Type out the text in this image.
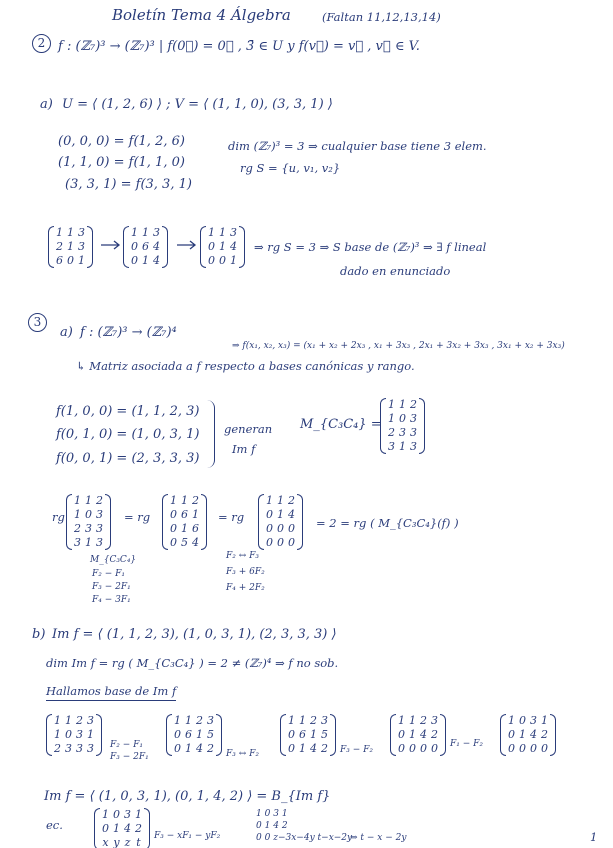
Boletín Tema 4 Álgebra	(Faltan 11,12,13,14)
2 f : (ℤ₇)³ → (ℤ₇)³ | f(0⃗) = 0⃗ , 3̄ ∈ U y f(v⃗) = v⃗ , v⃗ ∈ V.
a) U = ⟨ (1, 2, 6) ⟩ ; V = ⟨ (1, 1, 0), (3, 3, 1) ⟩
(0, 0, 0) = f(1, 2, 6)
(1, 1, 0) = f(1, 1, 0)
(3, 3, 1) = f(3, 3, 1)
dim (ℤ₇)³ = 3 ⇒ cualquier base tiene 3 elem.
rg S = {u, v₁, v₂}
1 1 3
2 1 3
6 0 1
1 1 3
0 6 4
0 1 4
1 1 3
0 1 4
0 0 1
⇒ rg S = 3 ⇒ S base de (ℤ₇)³ ⇒ ∃ f lineal
dado en enunciado
3
a) f : (ℤ₇)³ → (ℤ₇)⁴
⇒ f(x₁, x₂, x₃) = (x₁ + x₂ + 2x₃ , x₁ + 3x₃ , 2x₁ + 3x₂ + 3x₃ , 3x₁ + x₂ + 3x₃)
↳ Matriz asociada a f respecto a bases canónicas y rango.
f(1, 0, 0) = (1, 1, 2, 3)
f(0, 1, 0) = (1, 0, 3, 1)
f(0, 0, 1) = (2, 3, 3, 3)
generan
Im f
M_{C₃C₄} =
1 1 2
1 0 3
2 3 3
3 1 3
rg
1 1 2
1 0 3
2 3 3
3 1 3
= rg
1 1 2
0 6 1
0 1 6
0 5 4
= rg
1 1 2
0 1 4
0 0 0
0 0 0
= 2 = rg ( M_{C₃C₄}(f) )
M_{C₃C₄}
F₂ − F₁
F₃ − 2F₁
F₄ − 3F₁
F₂ ↔ F₃
F₃ + 6F₂
F₄ + 2F₂
b) Im f = ⟨ (1, 1, 2, 3), (1, 0, 3, 1), (2, 3, 3, 3) ⟩
dim Im f = rg ( M_{C₃C₄} ) = 2 ≠ (ℤ₇)⁴ ⇒ f no sob.
Hallamos base de Im f
1 1 2 3
1 0 3 1
2 3 3 3 F₂ − F₁
F₃ − 2F₁
1 1 2 3
0 6 1 5
0 1 4 2 F₃ ↔ F₂
1 1 2 3
0 6 1 5
0 1 4 2 F₃ − F₂
1 1 2 3
0 1 4 2
0 0 0 0 F₁ − F₂
1 0 3 1
0 1 4 2
0 0 0 0
Im f = ⟨ (1, 0, 3, 1), (0, 1, 4, 2) ⟩ = B_{Im f}
ec.
1 0 3 1
0 1 4 2
x y z t	F₃ − xF₁ − yF₂
1 0 3 1
0 1 4 2
0 0 z−3x−4y t−x−2y
⇒ t − x − 2y	1
